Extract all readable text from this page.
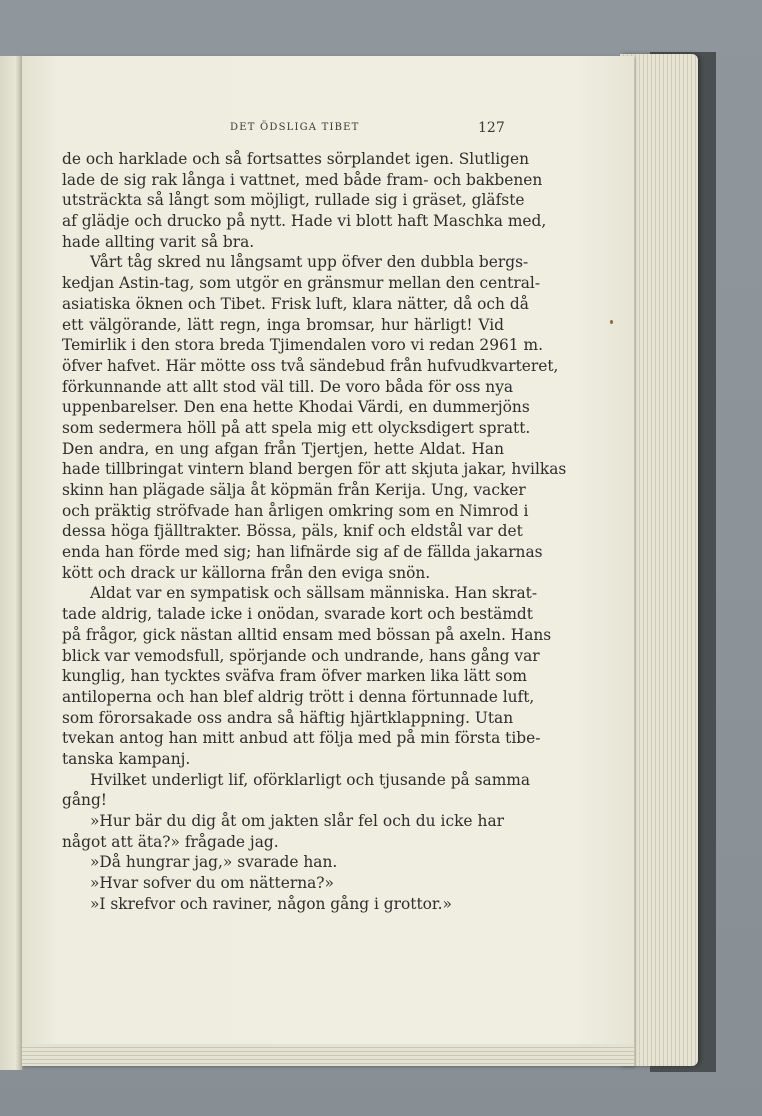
DET ÖDSLIGA TIBET	127
de och harklade och så fortsattes sörplandet igen. Slutligen
lade de sig rak långa i vattnet, med både fram- och bakbenen
utsträckta så långt som möjligt, rullade sig i gräset, gläfste
af glädje och drucko på nytt. Hade vi blott haft Maschka med,
hade allting varit så bra.
Vårt tåg skred nu långsamt upp öfver den dubbla bergs-
kedjan Astin-tag, som utgör en gränsmur mellan den central-
asiatiska öknen och Tibet. Frisk luft, klara nätter, då och då
ett välgörande, lätt regn, inga bromsar, hur härligt! Vid
Temirlik i den stora breda Tjimendalen voro vi redan 2961 m.
öfver hafvet. Här mötte oss två sändebud från hufvudkvarteret,
förkunnande att allt stod väl till. De voro båda för oss nya
uppenbarelser. Den ena hette Khodai Värdi, en dummerjöns
som sedermera höll på att spela mig ett olycksdigert spratt.
Den andra, en ung afgan från Tjertjen, hette Aldat. Han
hade tillbringat vintern bland bergen för att skjuta jakar, hvilkas
skinn han plägade sälja åt köpmän från Kerija. Ung, vacker
och präktig ströfvade han årligen omkring som en Nimrod i
dessa höga fjälltrakter. Bössa, päls, knif och eldstål var det
enda han förde med sig; han lifnärde sig af de fällda jakarnas
kött och drack ur källorna från den eviga snön.
Aldat var en sympatisk och sällsam människa. Han skrat-
tade aldrig, talade icke i onödan, svarade kort och bestämdt
på frågor, gick nästan alltid ensam med bössan på axeln. Hans
blick var vemodsfull, spörjande och undrande, hans gång var
kunglig, han tycktes sväfva fram öfver marken lika lätt som
antiloperna och han blef aldrig trött i denna förtunnade luft,
som förorsakade oss andra så häftig hjärtklappning. Utan
tvekan antog han mitt anbud att följa med på min första tibe-
tanska kampanj.
Hvilket underligt lif, oförklarligt och tjusande på samma
gång!
»Hur bär du dig åt om jakten slår fel och du icke har
något att äta?» frågade jag.
»Då hungrar jag,» svarade han.
»Hvar sofver du om nätterna?»
»I skrefvor och raviner, någon gång i grottor.»
